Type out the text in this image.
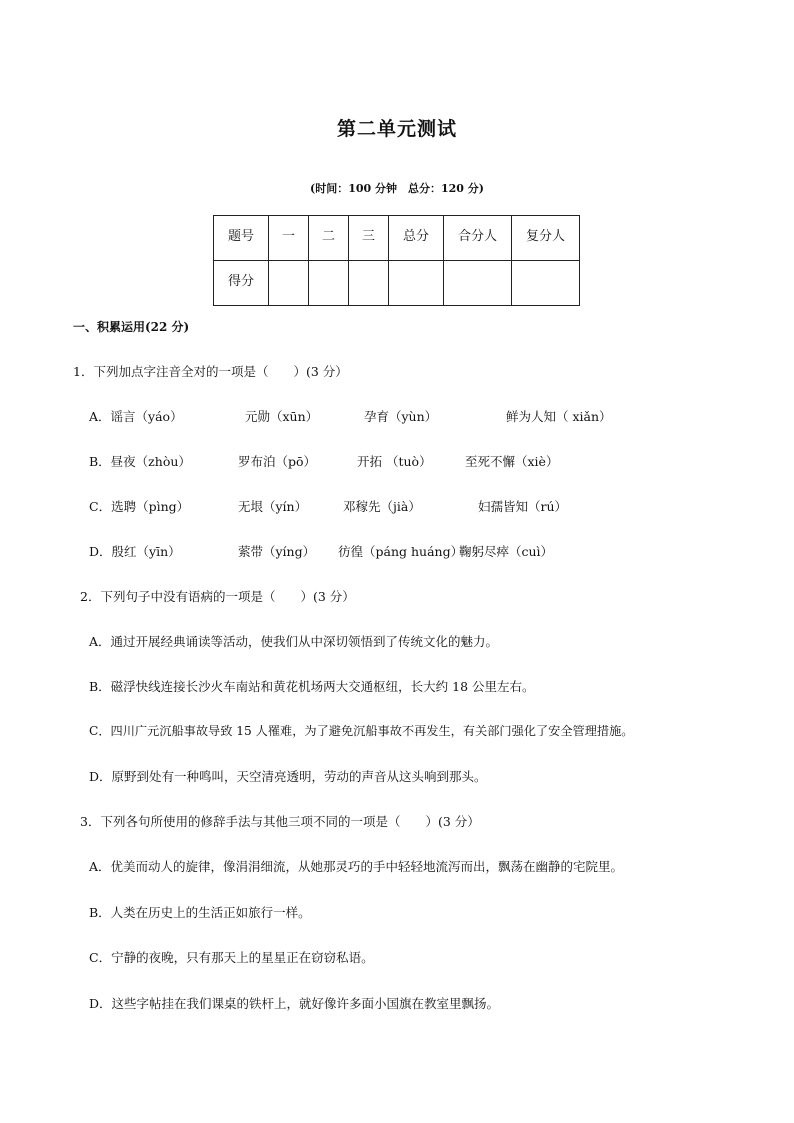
第二单元测试
(时间：100 分钟　总分：120 分)
题号	一	二	三	总分	合分人	复分人
得分						
一、积累运用(22 分)
1．下列加点字注音全对的一项是（　　）(3 分）
A．谣言（yáo）	元勋（xūn）	孕育（yùn）	鲜为人知（ xiǎn）
B．昼夜（zhòu）	罗布泊（pō）	开拓 （tuò）	至死不懈（xiè）
C．选聘（pìng）	无垠（yín）	邓稼先（jià）	妇孺皆知（rú）
D．殷红（yīn）	萦带（yíng） 彷徨（páng huáng）
鞠躬尽瘁（cuì）
2．下列句子中没有语病的一项是（　　）(3 分）
A．通过开展经典诵读等活动，使我们从中深切领悟到了传统文化的魅力。
B．磁浮快线连接长沙火车南站和黄花机场两大交通枢纽，长大约 18 公里左右。
C．四川广元沉船事故导致 15 人罹难，为了避免沉船事故不再发生，有关部门强化了安全管理措施。
D．原野到处有一种鸣叫，天空清亮透明，劳动的声音从这头响到那头。
3．下列各句所使用的修辞手法与其他三项不同的一项是（　　）(3 分）
A．优美而动人的旋律，像涓涓细流，从她那灵巧的手中轻轻地流泻而出，飘荡在幽静的宅院里。
B．人类在历史上的生活正如旅行一样。
C．宁静的夜晚，只有那天上的星星正在窃窃私语。
D．这些字帖挂在我们课桌的铁杆上，就好像许多面小国旗在教室里飘扬。
